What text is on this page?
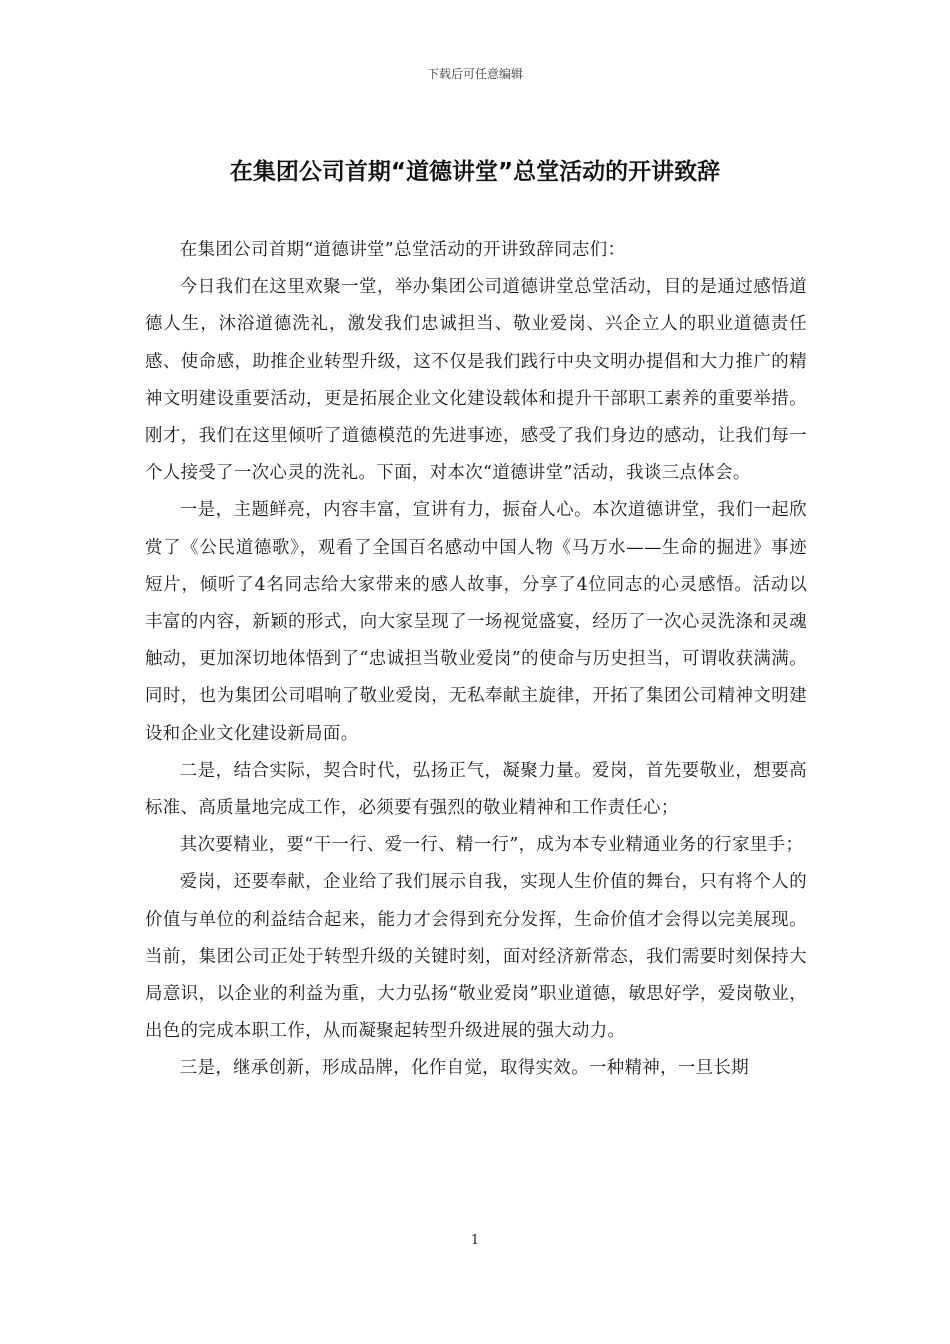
下载后可任意编辑
在集团公司首期“道德讲堂”总堂活动的开讲致辞

在集团公司首期“道德讲堂”总堂活动的开讲致辞同志们：

今日我们在这里欢聚一堂，举办集团公司道德讲堂总堂活动，目的是通过感悟道德人生，沐浴道德洗礼，激发我们忠诚担当、敬业爱岗、兴企立人的职业道德责任感、使命感，助推企业转型升级，这不仅是我们践行中央文明办提倡和大力推广的精神文明建设重要活动，更是拓展企业文化建设载体和提升干部职工素养的重要举措。刚才，我们在这里倾听了道德模范的先进事迹，感受了我们身边的感动，让我们每一个人接受了一次心灵的洗礼。下面，对本次“道德讲堂”活动，我谈三点体会。

一是，主题鲜亮，内容丰富，宣讲有力，振奋人心。本次道德讲堂，我们一起欣赏了《公民道德歌》，观看了全国百名感动中国人物《马万水——生命的掘进》事迹短片，倾听了4名同志给大家带来的感人故事，分享了4位同志的心灵感悟。活动以丰富的内容，新颖的形式，向大家呈现了一场视觉盛宴，经历了一次心灵洗涤和灵魂触动，更加深切地体悟到了“忠诚担当敬业爱岗”的使命与历史担当，可谓收获满满。同时，也为集团公司唱响了敬业爱岗，无私奉献主旋律，开拓了集团公司精神文明建设和企业文化建设新局面。

二是，结合实际，契合时代，弘扬正气，凝聚力量。爱岗，首先要敬业，想要高标准、高质量地完成工作，必须要有强烈的敬业精神和工作责任心；

其次要精业，要“干一行、爱一行、精一行”，成为本专业精通业务的行家里手；

爱岗，还要奉献，企业给了我们展示自我，实现人生价值的舞台，只有将个人的价值与单位的利益结合起来，能力才会得到充分发挥，生命价值才会得以完美展现。当前，集团公司正处于转型升级的关键时刻，面对经济新常态，我们需要时刻保持大局意识，以企业的利益为重，大力弘扬“敬业爱岗”职业道德，敏思好学，爱岗敬业，出色的完成本职工作，从而凝聚起转型升级进展的强大动力。

三是，继承创新，形成品牌，化作自觉，取得实效。一种精神，一旦长期

1
